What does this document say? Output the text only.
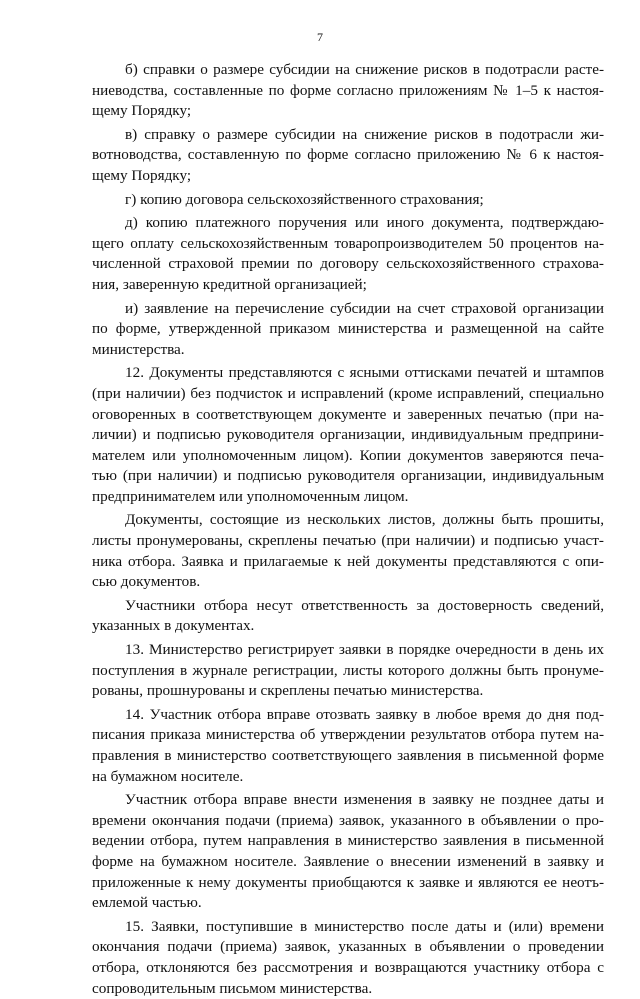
7
б) справки о размере субсидии на снижение рисков в подотрасли расте-
ниеводства, составленные по форме согласно приложениям № 1–5 к настоя-
щему Порядку;
в) справку о размере субсидии на снижение рисков в подотрасли жи-
вотноводства, составленную по форме согласно приложению № 6 к настоя-
щему Порядку;
г) копию договора сельскохозяйственного страхования;
д) копию платежного поручения или иного документа, подтверждаю-
щего оплату сельскохозяйственным товаропроизводителем 50 процентов на-
численной страховой премии по договору сельскохозяйственного страхова-
ния, заверенную кредитной организацией;
и) заявление на перечисление субсидии на счет страховой организации
по форме, утвержденной приказом министерства и размещенной на сайте
министерства.
12. Документы представляются с ясными оттисками печатей и штампов
(при наличии) без подчисток и исправлений (кроме исправлений, специально
оговоренных в соответствующем документе и заверенных печатью (при на-
личии) и подписью руководителя организации, индивидуальным предприни-
мателем или уполномоченным лицом). Копии документов заверяются печа-
тью (при наличии) и подписью руководителя организации, индивидуальным
предпринимателем или уполномоченным лицом.
Документы, состоящие из нескольких листов, должны быть прошиты,
листы пронумерованы, скреплены печатью (при наличии) и подписью участ-
ника отбора. Заявка и прилагаемые к ней документы представляются с опи-
сью документов.
Участники отбора несут ответственность за достоверность сведений,
указанных в документах.
13. Министерство регистрирует заявки в порядке очередности в день их
поступления в журнале регистрации, листы которого должны быть пронуме-
рованы, прошнурованы и скреплены печатью министерства.
14. Участник отбора вправе отозвать заявку в любое время до дня под-
писания приказа министерства об утверждении результатов отбора путем на-
правления в министерство соответствующего заявления в письменной форме
на бумажном носителе.
Участник отбора вправе внести изменения в заявку не позднее даты и
времени окончания подачи (приема) заявок, указанного в объявлении о про-
ведении отбора, путем направления в министерство заявления в письменной
форме на бумажном носителе. Заявление о внесении изменений в заявку и
приложенные к нему документы приобщаются к заявке и являются ее неотъ-
емлемой частью.
15. Заявки, поступившие в министерство после даты и (или) времени
окончания подачи (приема) заявок, указанных в объявлении о проведении
отбора, отклоняются без рассмотрения и возвращаются участнику отбора с
сопроводительным письмом министерства.
